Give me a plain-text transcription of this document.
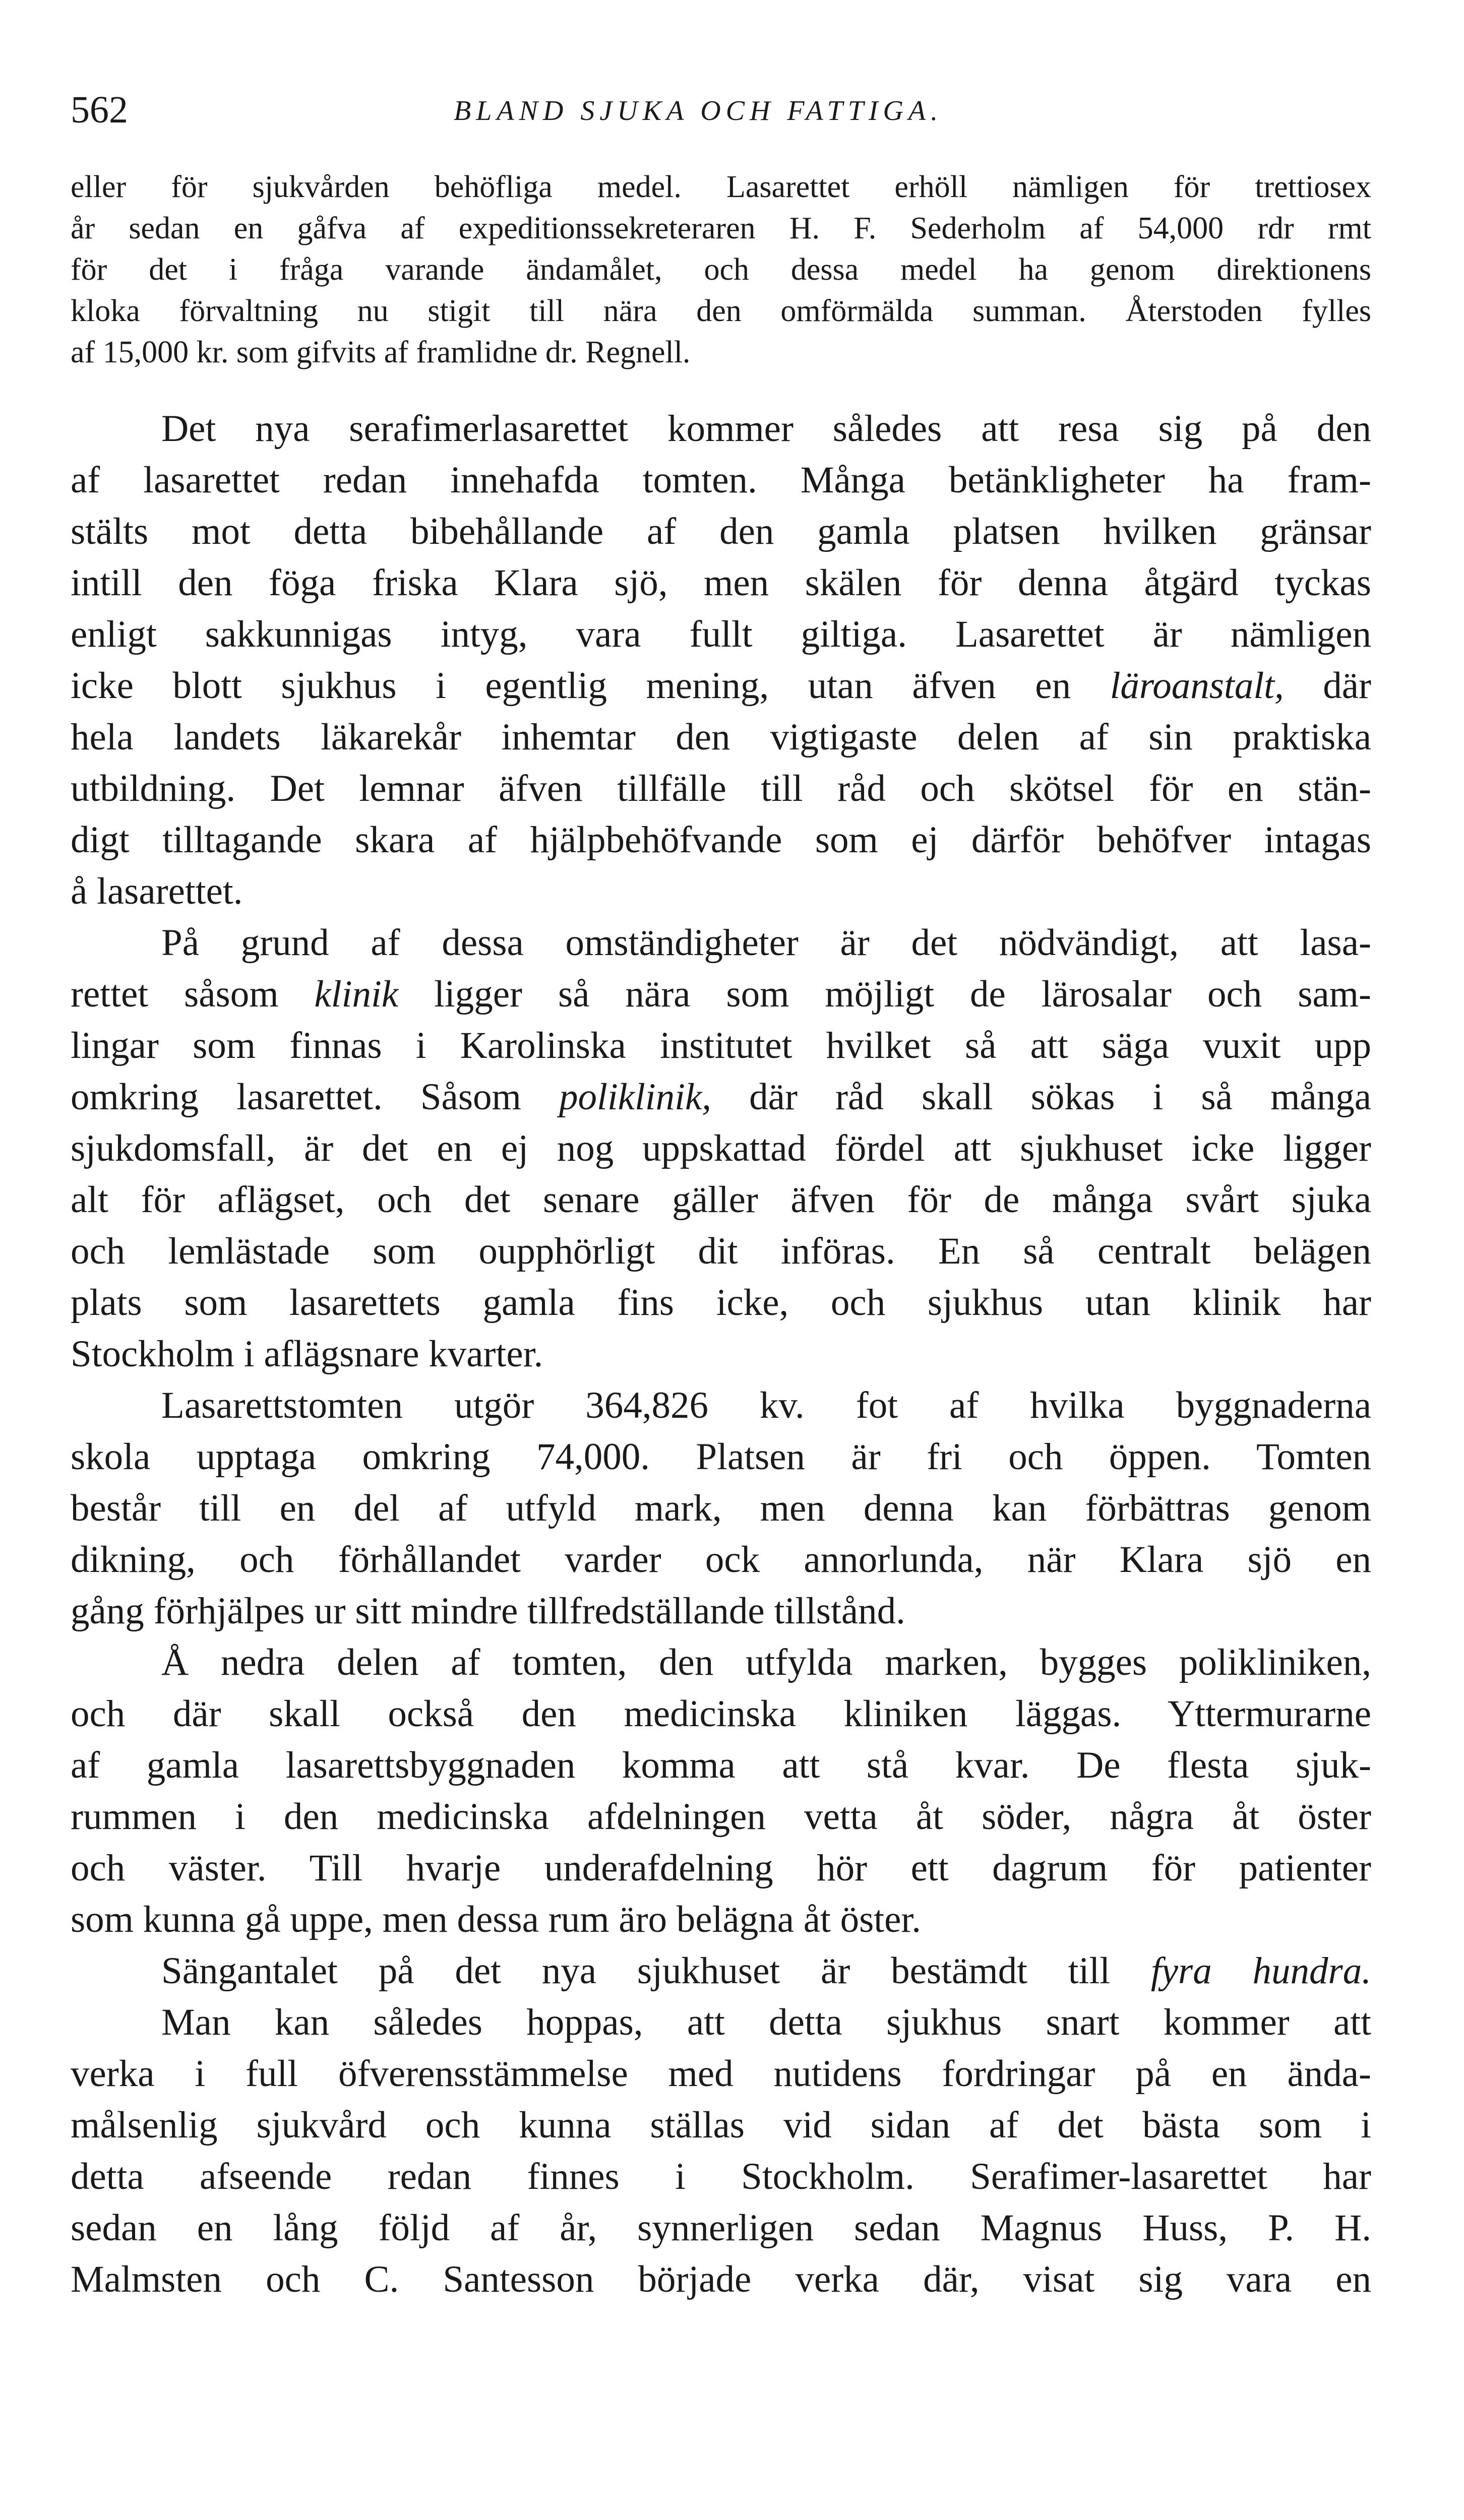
562	BLAND SJUKA OCH FATTIGA.
eller för sjukvården behöfliga medel. Lasarettet erhöll nämligen för trettiosex
år sedan en gåfva af expeditionssekreteraren H. F. Sederholm af 54,000 rdr rmt
för det i fråga varande ändamålet, och dessa medel ha genom direktionens
kloka förvaltning nu stigit till nära den omförmälda summan. Återstoden fylles
af 15,000 kr. som gifvits af framlidne dr. Regnell.
Det nya serafimerlasarettet kommer således att resa sig på den
af lasarettet redan innehafda tomten. Många betänkligheter ha fram-
stälts mot detta bibehållande af den gamla platsen hvilken gränsar
intill den föga friska Klara sjö, men skälen för denna åtgärd tyckas
enligt sakkunnigas intyg, vara fullt giltiga. Lasarettet är nämligen
icke blott sjukhus i egentlig mening, utan äfven en läroanstalt, där
hela landets läkarekår inhemtar den vigtigaste delen af sin praktiska
utbildning. Det lemnar äfven tillfälle till råd och skötsel för en stän-
digt tilltagande skara af hjälpbehöfvande som ej därför behöfver intagas
å lasarettet.
På grund af dessa omständigheter är det nödvändigt, att lasa-
rettet såsom klinik ligger så nära som möjligt de lärosalar och sam-
lingar som finnas i Karolinska institutet hvilket så att säga vuxit upp
omkring lasarettet. Såsom poliklinik, där råd skall sökas i så många
sjukdomsfall, är det en ej nog uppskattad fördel att sjukhuset icke ligger
alt för aflägset, och det senare gäller äfven för de många svårt sjuka
och lemlästade som oupphörligt dit införas. En så centralt belägen
plats som lasarettets gamla fins icke, och sjukhus utan klinik har
Stockholm i aflägsnare kvarter.
Lasarettstomten utgör 364,826 kv. fot af hvilka byggnaderna
skola upptaga omkring 74,000. Platsen är fri och öppen. Tomten
består till en del af utfyld mark, men denna kan förbättras genom
dikning, och förhållandet varder ock annorlunda, när Klara sjö en
gång förhjälpes ur sitt mindre tillfredställande tillstånd.
Å nedra delen af tomten, den utfylda marken, bygges polikliniken,
och där skall också den medicinska kliniken läggas. Yttermurarne
af gamla lasarettsbyggnaden komma att stå kvar. De flesta sjuk-
rummen i den medicinska afdelningen vetta åt söder, några åt öster
och väster. Till hvarje underafdelning hör ett dagrum för patienter
som kunna gå uppe, men dessa rum äro belägna åt öster.
Sängantalet på det nya sjukhuset är bestämdt till fyra hundra.
Man kan således hoppas, att detta sjukhus snart kommer att
verka i full öfverensstämmelse med nutidens fordringar på en ända-
målsenlig sjukvård och kunna ställas vid sidan af det bästa som i
detta afseende redan finnes i Stockholm. Serafimer-lasarettet har
sedan en lång följd af år, synnerligen sedan Magnus Huss, P. H.
Malmsten och C. Santesson började verka där, visat sig vara en
